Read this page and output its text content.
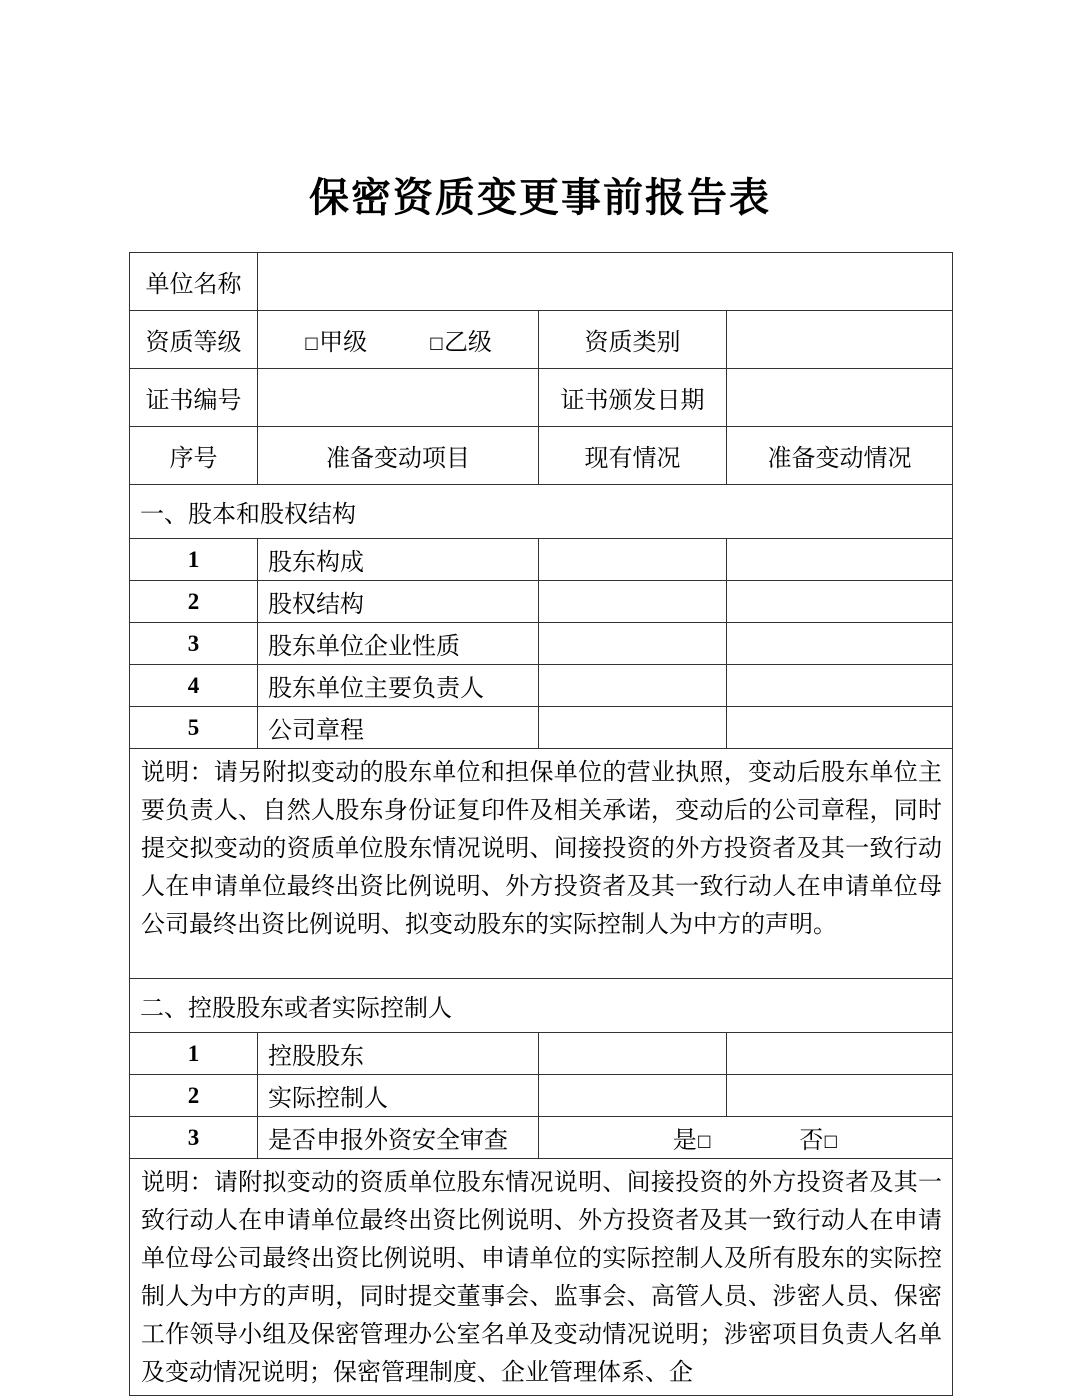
保密资质变更事前报告表
单位名称			
资质等级	□甲级 □乙级	资质类别	
证书编号		证书颁发日期	
序号	准备变动项目	现有情况	准备变动情况
一、股本和股权结构			
1	股东构成		
2	股权结构		
3	股东单位企业性质		
4	股东单位主要负责人		
5	公司章程		
说明：请另附拟变动的股东单位和担保单位的营业执照，变动后股东单位主要负责人、自然人股东身份证复印件及相关承诺，变动后的公司章程，同时提交拟变动的资质单位股东情况说明、间接投资的外方投资者及其一致行动人在申请单位最终出资比例说明、外方投资者及其一致行动人在申请单位母公司最终出资比例说明、拟变动股东的实际控制人为中方的声明。			
二、控股股东或者实际控制人			
1	控股股东		
2	实际控制人		
3	是否申报外资安全审查	是□ 否□	

说明：请附拟变动的资质单位股东情况说明、间接投资的外方投资者及其一致行动人在申请单位最终出资比例说明、外方投资者及其一致行动人在申请单位母公司最终出资比例说明、申请单位的实际控制人及所有股东的实际控制人为中方的声明，同时提交董事会、监事会、高管人员、涉密人员、保密工作领导小组及保密管理办公室名单及变动情况说明；涉密项目负责人名单及变动情况说明；保密管理制度、企业管理体系、企			
